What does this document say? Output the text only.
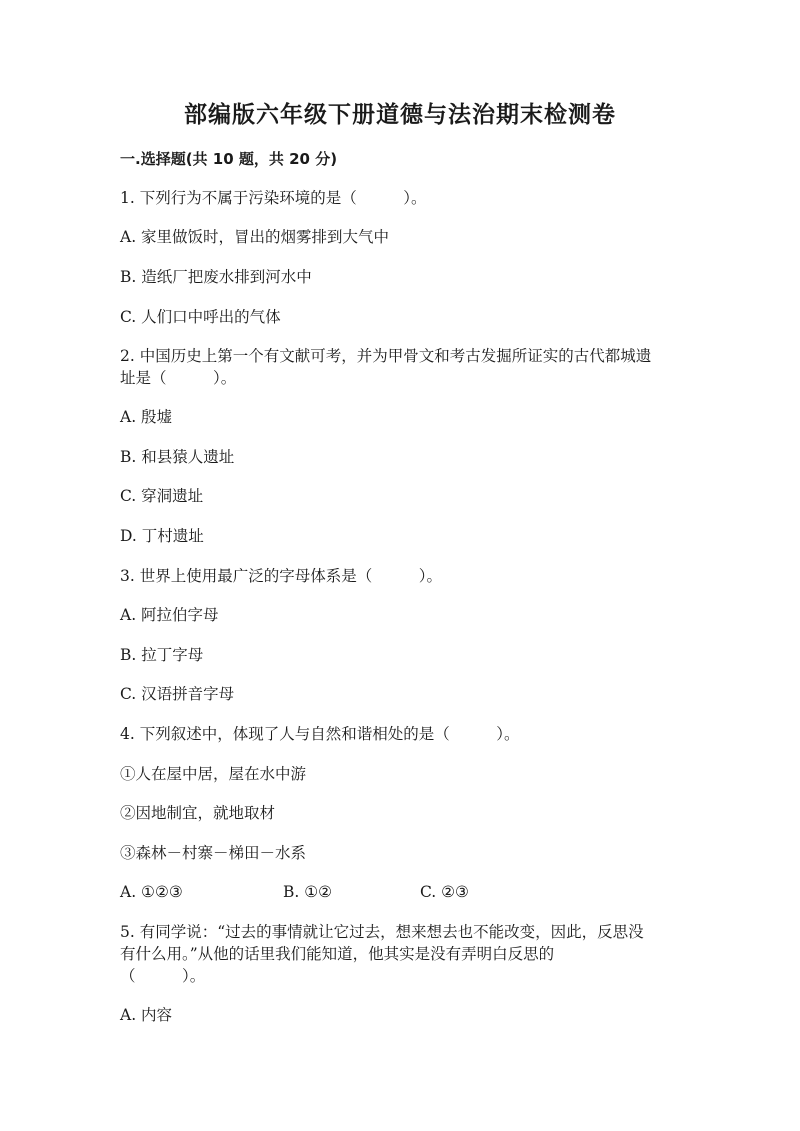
部编版六年级下册道德与法治期末检测卷
一.选择题(共 10 题，共 20 分)
1. 下列行为不属于污染环境的是（　　　）。
A. 家里做饭时，冒出的烟雾排到大气中
B. 造纸厂把废水排到河水中
C. 人们口中呼出的气体
2. 中国历史上第一个有文献可考，并为甲骨文和考古发掘所证实的古代都城遗
址是（　　　）。
A. 殷墟
B. 和县猿人遗址
C. 穿洞遗址
D. 丁村遗址
3. 世界上使用最广泛的字母体系是（　　　）。
A. 阿拉伯字母
B. 拉丁字母
C. 汉语拼音字母
4. 下列叙述中，体现了人与自然和谐相处的是（　　　）。
①人在屋中居，屋在水中游
②因地制宜，就地取材
③森林－村寨－梯田－水系
A. ①②③	B. ①②	C. ②③
5. 有同学说：“过去的事情就让它过去，想来想去也不能改变，因此，反思没
有什么用。”从他的话里我们能知道，他其实是没有弄明白反思的
（　　　）。
A. 内容
